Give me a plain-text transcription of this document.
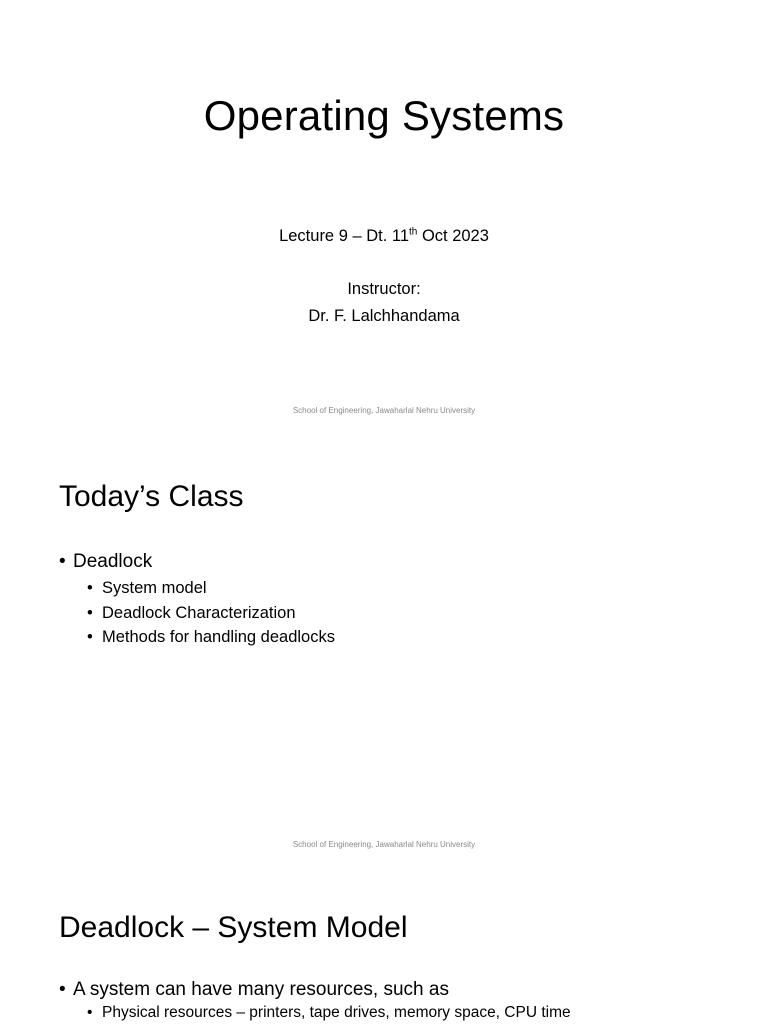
Operating Systems
Lecture 9 – Dt. 11th Oct 2023
Instructor:
Dr. F. Lalchhandama
School of Engineering, Jawaharlal Nehru University
Today’s Class
• Deadlock
• System model
• Deadlock Characterization
• Methods for handling deadlocks
School of Engineering, Jawaharlal Nehru University
Deadlock – System Model
• A system can have many resources, such as
• Physical resources – printers, tape drives, memory space, CPU time
